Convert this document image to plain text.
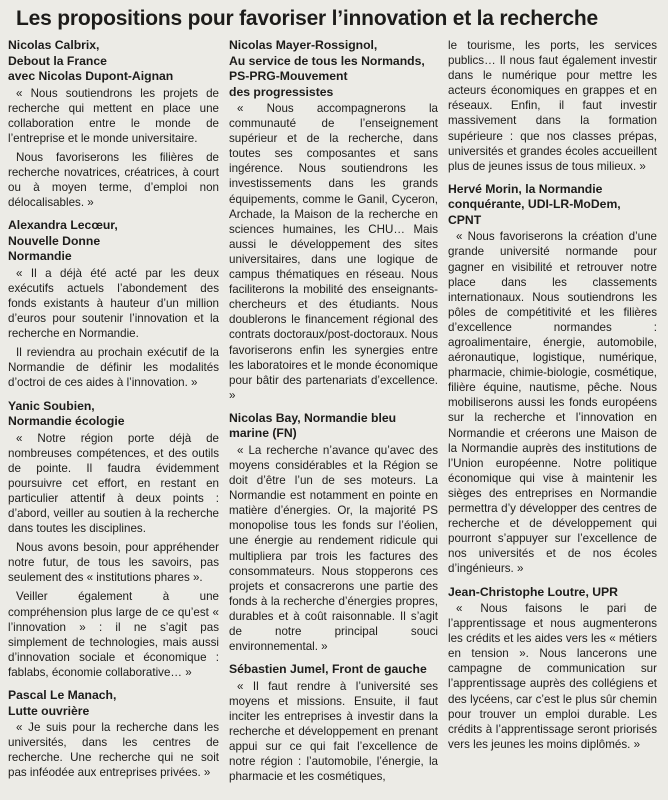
Les propositions pour favoriser l’innovation et la recherche
Nicolas Calbrix,
Debout la France
avec Nicolas Dupont-Aignan

« Nous soutiendrons les projets de recherche qui mettent en place une collaboration entre le monde de l’entreprise et le monde universitaire.

Nous favoriserons les filières de recherche novatrices, créatrices, à court ou à moyen terme, d’emploi non délocalisables. »

Alexandra Lecœur,
Nouvelle Donne
Normandie

« Il a déjà été acté par les deux exécutifs actuels l’abondement des fonds existants à hauteur d’un million d’euros pour soutenir l’innovation et la recherche en Normandie.

Il reviendra au prochain exécutif de la Normandie de définir les modalités d’octroi de ces aides à l’innovation. »

Yanic Soubien,
Normandie écologie

« Notre région porte déjà de nombreuses compétences, et des outils de pointe. Il faudra évidemment poursuivre cet effort, en restant en particulier attentif à deux points : d’abord, veiller au soutien à la recherche dans toutes les disciplines.

Nous avons besoin, pour appréhender notre futur, de tous les savoirs, pas seulement des « institutions phares ».

Veiller également à une compréhension plus large de ce qu’est « l’innovation » : il ne s’agit pas simplement de technologies, mais aussi d’innovation sociale et économique : fablabs, économie collaborative… »

Pascal Le Manach,
Lutte ouvrière

« Je suis pour la recherche dans les universités, dans les centres de recherche. Une recherche qui ne soit pas inféodée aux entreprises privées. »

Nicolas Mayer-Rossignol,
Au service de tous les Normands,
PS-PRG-Mouvement
des progressistes

« Nous accompagnerons la communauté de l’enseignement supérieur et de la recherche, dans toutes ses composantes et sans ingérence. Nous soutiendrons les investissements dans les grands équipements, comme le Ganil, Cyceron, Archade, la Maison de la recherche en sciences humaines, les CHU… Mais aussi le développement des sites universitaires, dans une logique de campus thématiques en réseau. Nous faciliterons la mobilité des enseignants-chercheurs et des étudiants. Nous doublerons le financement régional des contrats doctoraux/post-doctoraux. Nous favoriserons enfin les synergies entre les laboratoires et le monde économique pour bâtir des partenariats d’excellence. »

Nicolas Bay, Normandie bleu
marine (FN)

« La recherche n’avance qu’avec des moyens considérables et la Région se doit d’être l’un de ses moteurs. La Normandie est notamment en pointe en matière d’énergies. Or, la majorité PS monopolise tous les fonds sur l’éolien, une énergie au rendement ridicule qui multipliera par trois les factures des consommateurs. Nous stopperons ces projets et consacrerons une partie des fonds à la recherche d’énergies propres, durables et à coût raisonnable. Il s’agit de notre principal souci environnemental. »

Sébastien Jumel, Front de gauche

« Il faut rendre à l’université ses moyens et missions. Ensuite, il faut inciter les entreprises à investir dans la recherche et développement en prenant appui sur ce qui fait l’excellence de notre région : l’automobile, l’énergie, la pharmacie et les cosmétiques,

le tourisme, les ports, les services publics… Il nous faut également investir dans le numérique pour mettre les acteurs économiques en grappes et en réseaux. Enfin, il faut investir massivement dans la formation supérieure : que nos classes prépas, universités et grandes écoles accueillent plus de jeunes issus de tous milieux. »

Hervé Morin, la Normandie
conquérante, UDI-LR-MoDem,
CPNT

« Nous favoriserons la création d’une grande université normande pour gagner en visibilité et retrouver notre place dans les classements internationaux. Nous soutiendrons les pôles de compétitivité et les filières d’excellence normandes : agroalimentaire, énergie, automobile, aéronautique, logistique, numérique, pharmacie, chimie-biologie, cosmétique, filière équine, nautisme, pêche. Nous mobiliserons aussi les fonds européens sur la recherche et l’innovation en Normandie et créerons une Maison de la Normandie auprès des institutions de l’Union européenne. Notre politique économique qui vise à maintenir les sièges des entreprises en Normandie permettra d’y développer des centres de recherche et de développement qui pourront s’appuyer sur l’excellence de nos universités et de nos écoles d’ingénieurs. »

Jean-Christophe Loutre, UPR

« Nous faisons le pari de l’apprentissage et nous augmenterons les crédits et les aides vers les « métiers en tension ». Nous lancerons une campagne de communication sur l’apprentissage auprès des collégiens et des lycéens, car c’est le plus sûr chemin pour trouver un emploi durable. Les crédits à l’apprentissage seront priorisés vers les jeunes les moins diplômés. »
